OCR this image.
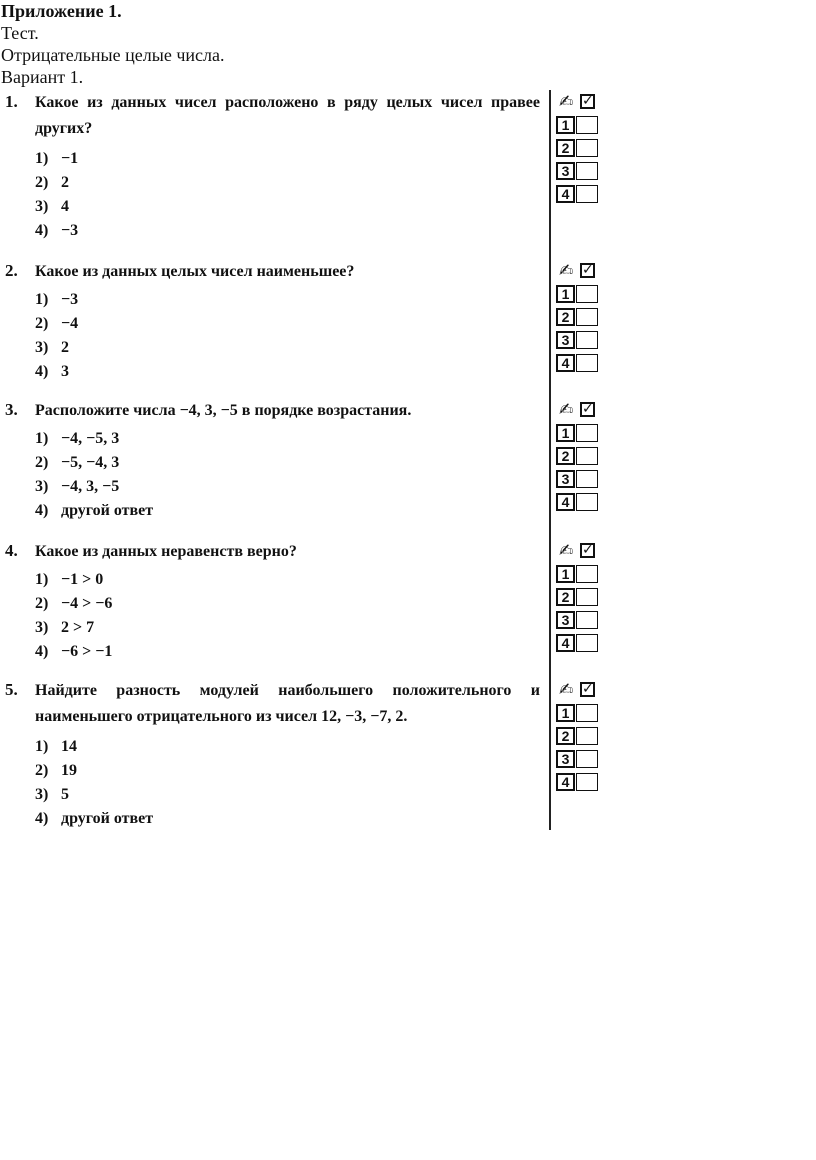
Приложение 1.
Тест.
Отрицательные целые числа.
Вариант 1.
1. Какое из данных чисел расположено в ряду целых чисел правее других?
1) −1
2) 2
3) 4
4) −3
✍ ✓
1
2
3
4
2. Какое из данных целых чисел наименьшее?
1) −3
2) −4
3) 2
4) 3
✍ ✓
1
2
3
4
3. Расположите числа −4, 3, −5 в порядке возрастания.
1) −4, −5, 3
2) −5, −4, 3
3) −4, 3, −5
4) другой ответ
✍ ✓
1
2
3
4
4. Какое из данных неравенств верно?
1) −1 > 0
2) −4 > −6
3) 2 > 7
4) −6 > −1
✍ ✓
1
2
3
4
5. Найдите разность модулей наибольшего положительного и наименьшего отрицательного из чисел 12, −3, −7, 2.
1) 14
2) 19
3) 5
4) другой ответ
✍ ✓
1
2
3
4
